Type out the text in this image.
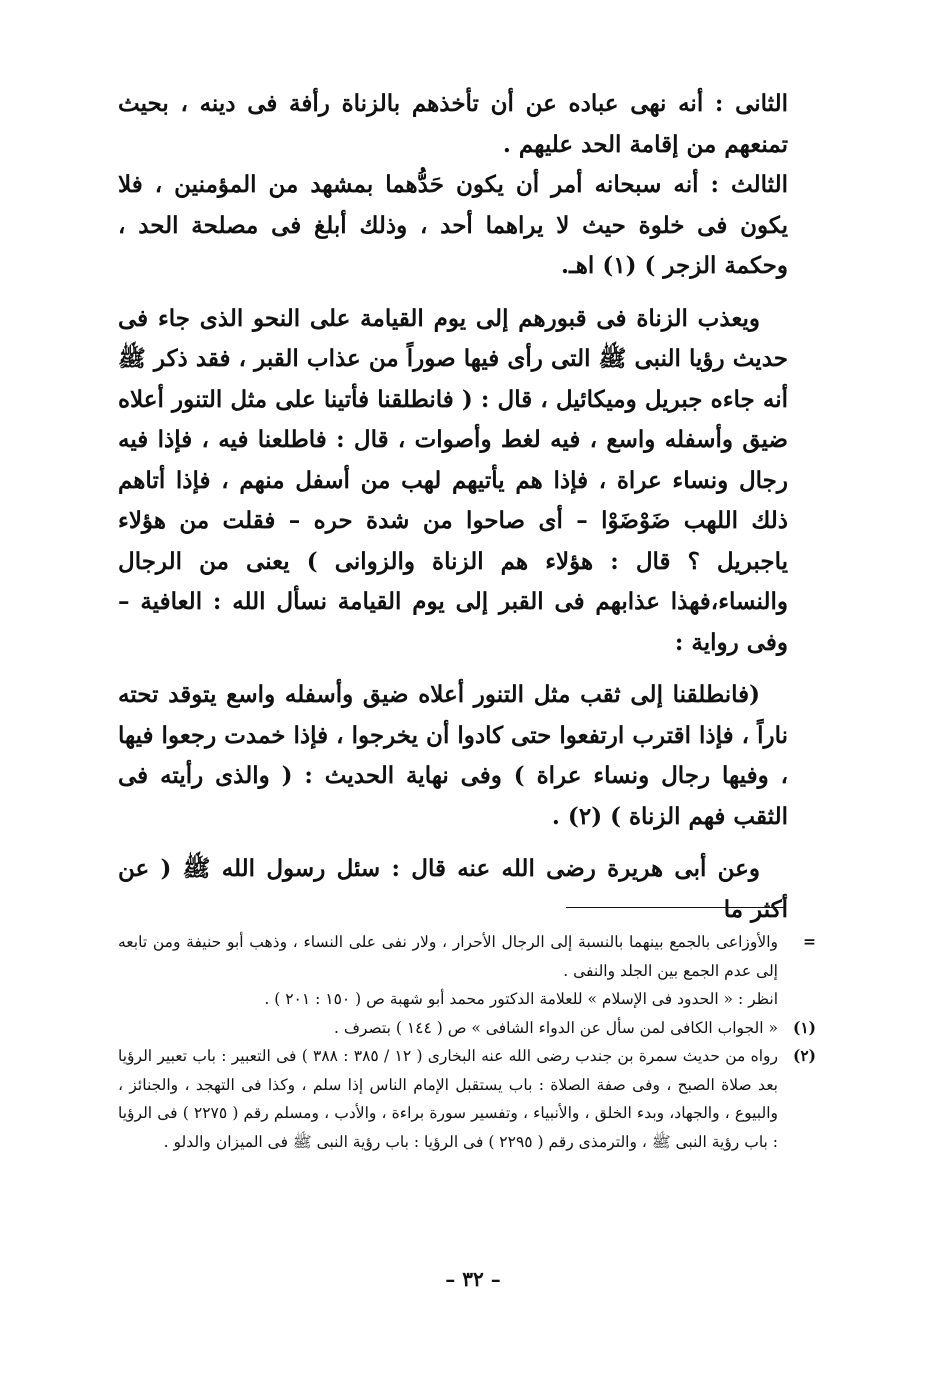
الثانى : أنه نهى عباده عن أن تأخذهم بالزناة رأفة فى دينه ، بحيث تمنعهم من إقامة الحد عليهم .

الثالث : أنه سبحانه أمر أن يكون حَدُّهما بمشهد من المؤمنين ، فلا يكون فى خلوة حيث لا يراهما أحد ، وذلك أبلغ فى مصلحة الحد ، وحكمة الزجر ) (١) اهـ.

ويعذب الزناة فى قبورهم إلى يوم القيامة على النحو الذى جاء فى حديث رؤيا النبى ﷺ التى رأى فيها صوراً من عذاب القبر ، فقد ذكر ﷺ أنه جاءه جبريل وميكائيل ، قال : ( فانطلقنا فأتينا على مثل التنور أعلاه ضيق وأسفله واسع ، فيه لغط وأصوات ، قال : فاطلعنا فيه ، فإذا فيه رجال ونساء عراة ، فإذا هم يأتيهم لهب من أسفل منهم ، فإذا أتاهم ذلك اللهب ضَوْضَوْا – أى صاحوا من شدة حره – فقلت من هؤلاء ياجبريل ؟ قال : هؤلاء هم الزناة والزوانى ) يعنى من الرجال والنساء،فهذا عذابهم فى القبر إلى يوم القيامة نسأل الله : العافية – وفى رواية :

(فانطلقنا إلى ثقب مثل التنور أعلاه ضيق وأسفله واسع يتوقد تحته ناراً ، فإذا اقترب ارتفعوا حتى كادوا أن يخرجوا ، فإذا خمدت رجعوا فيها ، وفيها رجال ونساء عراة ) وفى نهاية الحديث : ( والذى رأيته فى الثقب فهم الزناة ) (٢) .

وعن أبى هريرة رضى الله عنه قال : سئل رسول الله ﷺ ( عن أكثر ما

=
والأوزاعى بالجمع بينهما بالنسبة إلى الرجال الأحرار ، ولار نفى على النساء ، وذهب أبو حنيفة ومن تابعه إلى عدم الجمع بين الجلد والنفى .
انظر : « الحدود فى الإسلام » للعلامة الدكتور محمد أبو شهبة ص ( ١٥٠ : ٢٠١ ) .
(١)
« الجواب الكافى لمن سأل عن الدواء الشافى » ص ( ١٤٤ ) بتصرف .
(٢)
رواه من حديث سمرة بن جندب رضى الله عنه البخارى ( ١٢ / ٣٨٥ : ٣٨٨ ) فى التعبير : باب تعبير الرؤيا بعد صلاة الصبح ، وفى صفة الصلاة : باب يستقبل الإمام الناس إذا سلم ، وكذا فى التهجد ، والجنائز ، والبيوع ، والجهاد، وبدء الخلق ، والأنبياء ، وتفسير سورة براءة ، والأدب ، ومسلم رقم ( ٢٢٧٥ ) فى الرؤيا : باب رؤية النبى ﷺ ، والترمذى رقم ( ٢٢٩٥ ) فى الرؤيا : باب رؤية النبى ﷺ فى الميزان والدلو .
– ٣٢ –
